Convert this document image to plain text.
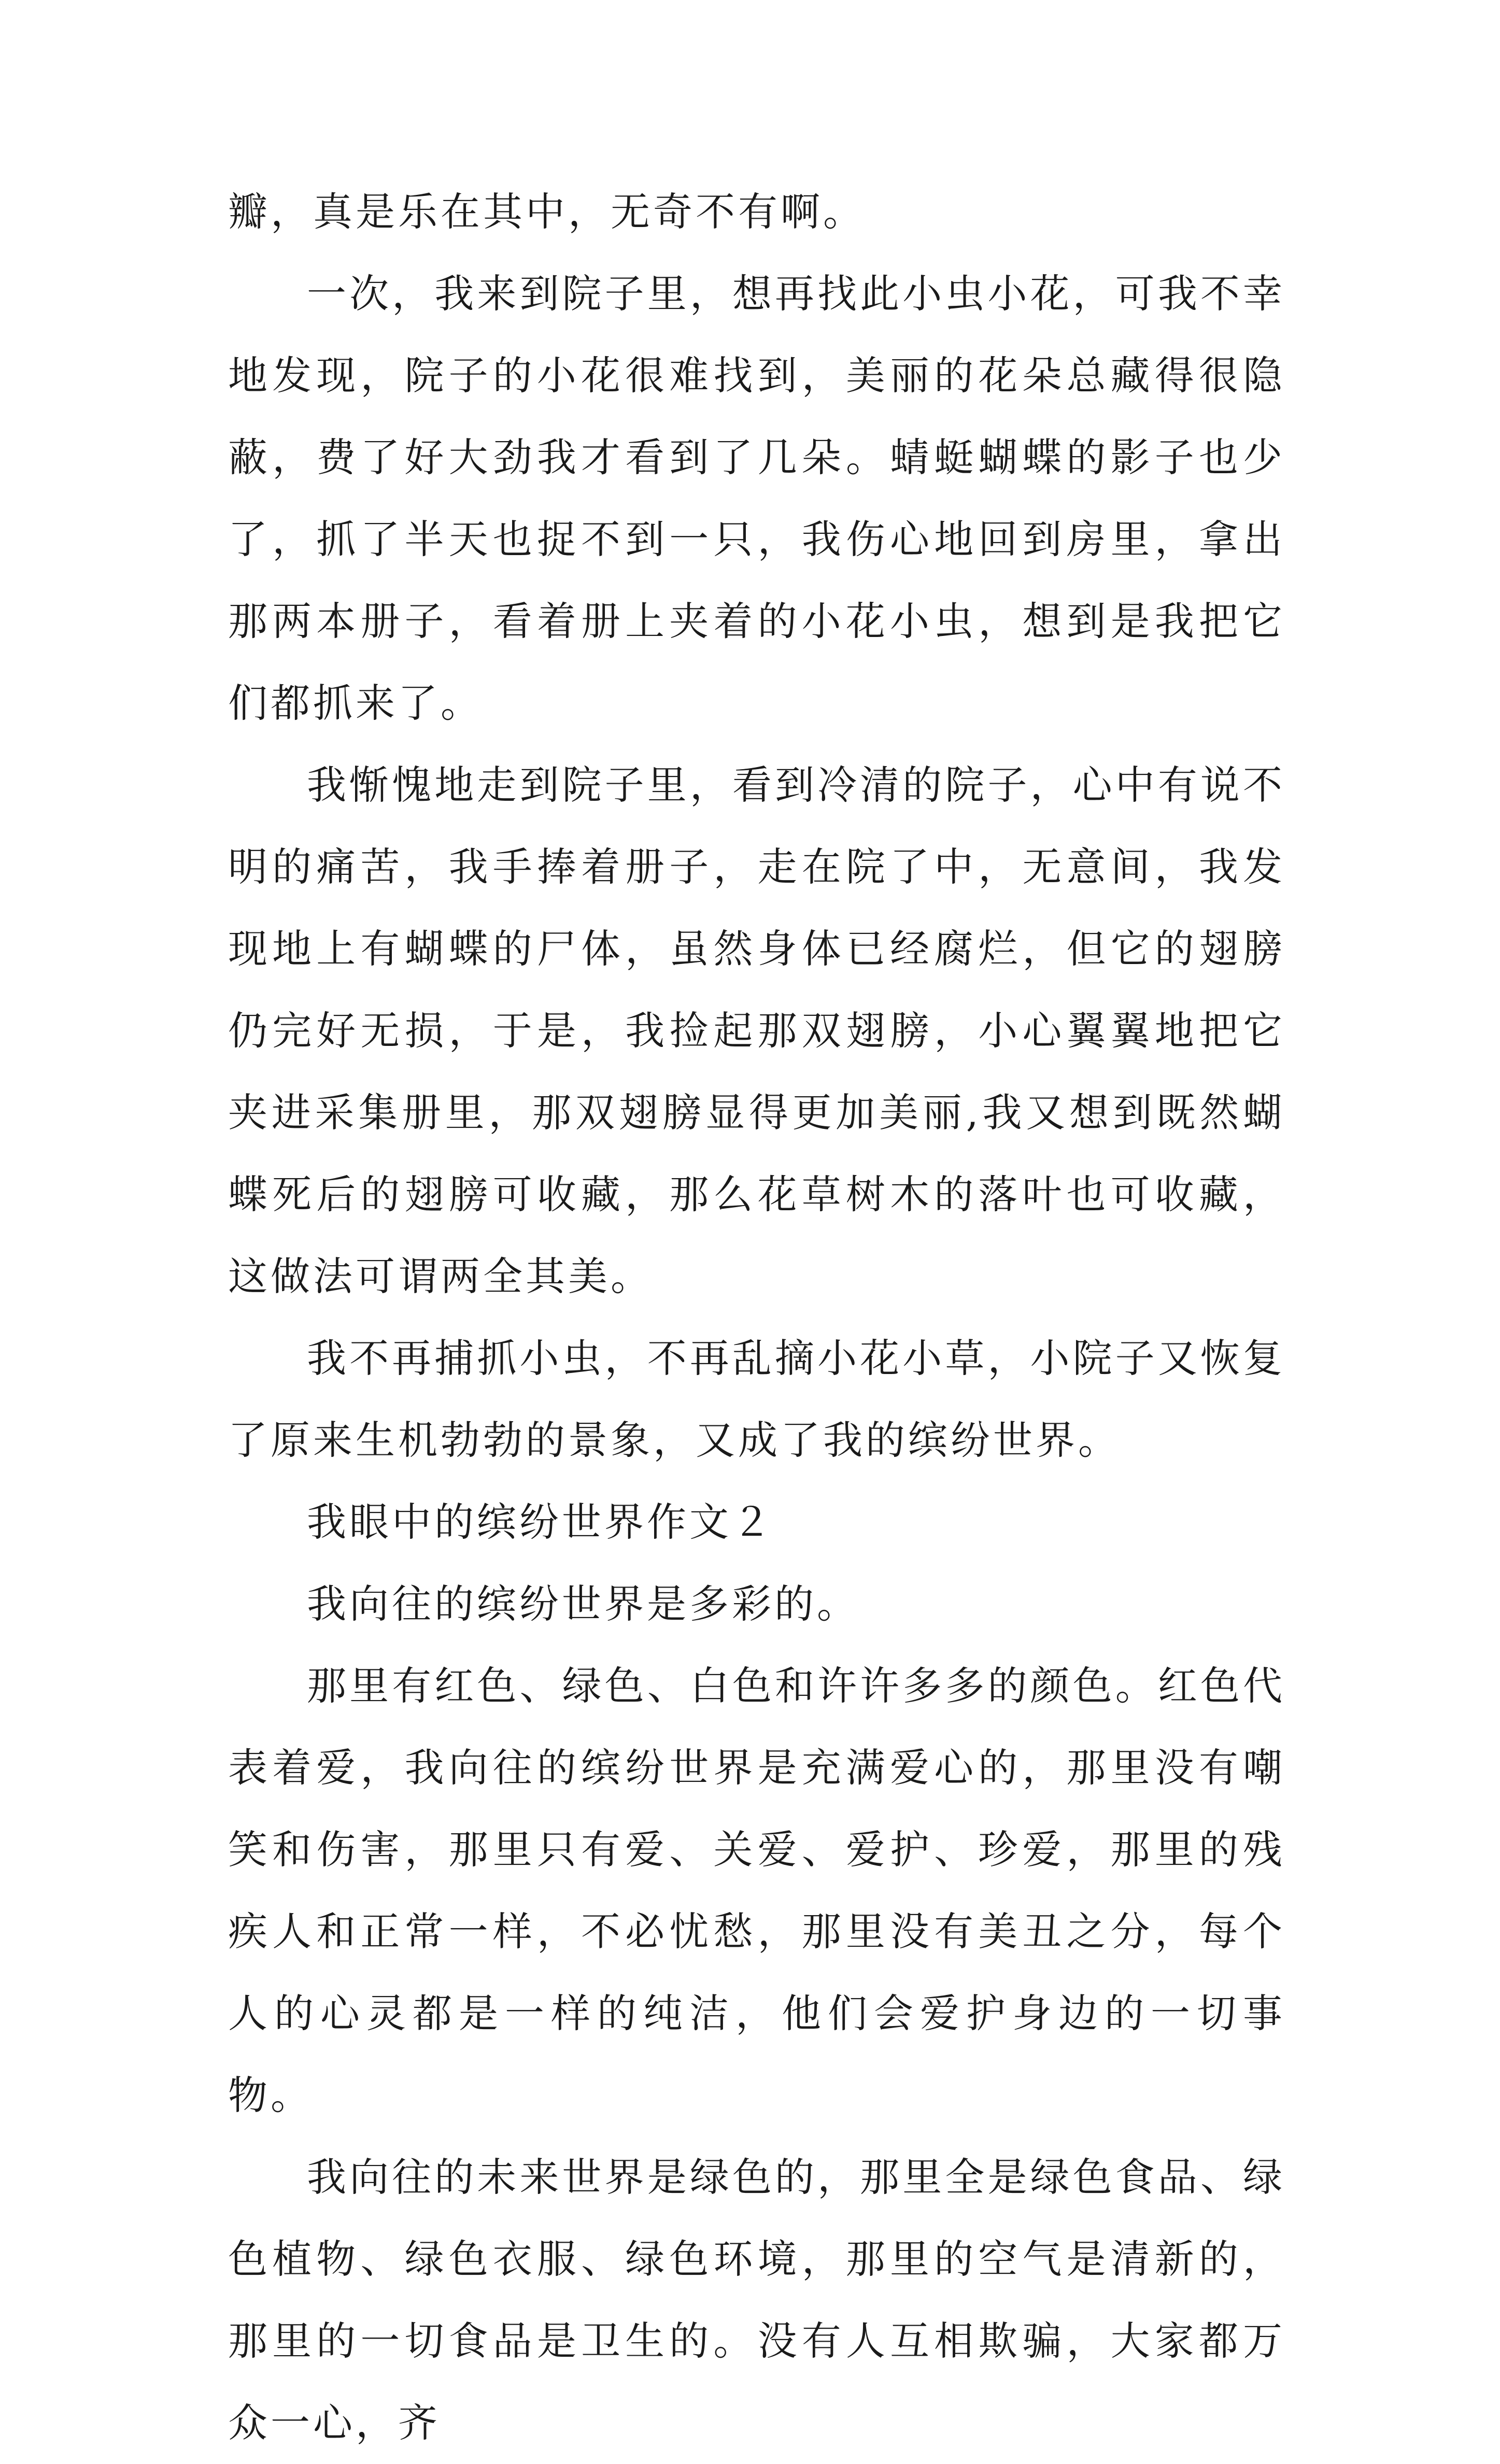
瓣，真是乐在其中，无奇不有啊。

一次，我来到院子里，想再找此小虫小花，可我不幸地发现，院子的小花很难找到，美丽的花朵总藏得很隐蔽，费了好大劲我才看到了几朵。蜻蜓蝴蝶的影子也少了，抓了半天也捉不到一只，我伤心地回到房里，拿出那两本册子，看着册上夹着的小花小虫，想到是我把它们都抓来了。

我惭愧地走到院子里，看到冷清的院子，心中有说不明的痛苦，我手捧着册子，走在院了中，无意间，我发现地上有蝴蝶的尸体，虽然身体已经腐烂，但它的翅膀仍完好无损，于是，我捡起那双翅膀，小心翼翼地把它夹进采集册里，那双翅膀显得更加美丽,我又想到既然蝴蝶死后的翅膀可收藏，那么花草树木的落叶也可收藏，这做法可谓两全其美。

我不再捕抓小虫，不再乱摘小花小草，小院子又恢复了原来生机勃勃的景象，又成了我的缤纷世界。

我眼中的缤纷世界作文２

我向往的缤纷世界是多彩的。

那里有红色、绿色、白色和许许多多的颜色。红色代表着爱，我向往的缤纷世界是充满爱心的，那里没有嘲笑和伤害，那里只有爱、关爱、爱护、珍爱，那里的残疾人和正常一样，不必忧愁，那里没有美丑之分，每个人的心灵都是一样的纯洁，他们会爱护身边的一切事物。

我向往的未来世界是绿色的，那里全是绿色食品、绿色植物、绿色衣服、绿色环境，那里的空气是清新的，那里的一切食品是卫生的。没有人互相欺骗，大家都万众一心，齐
